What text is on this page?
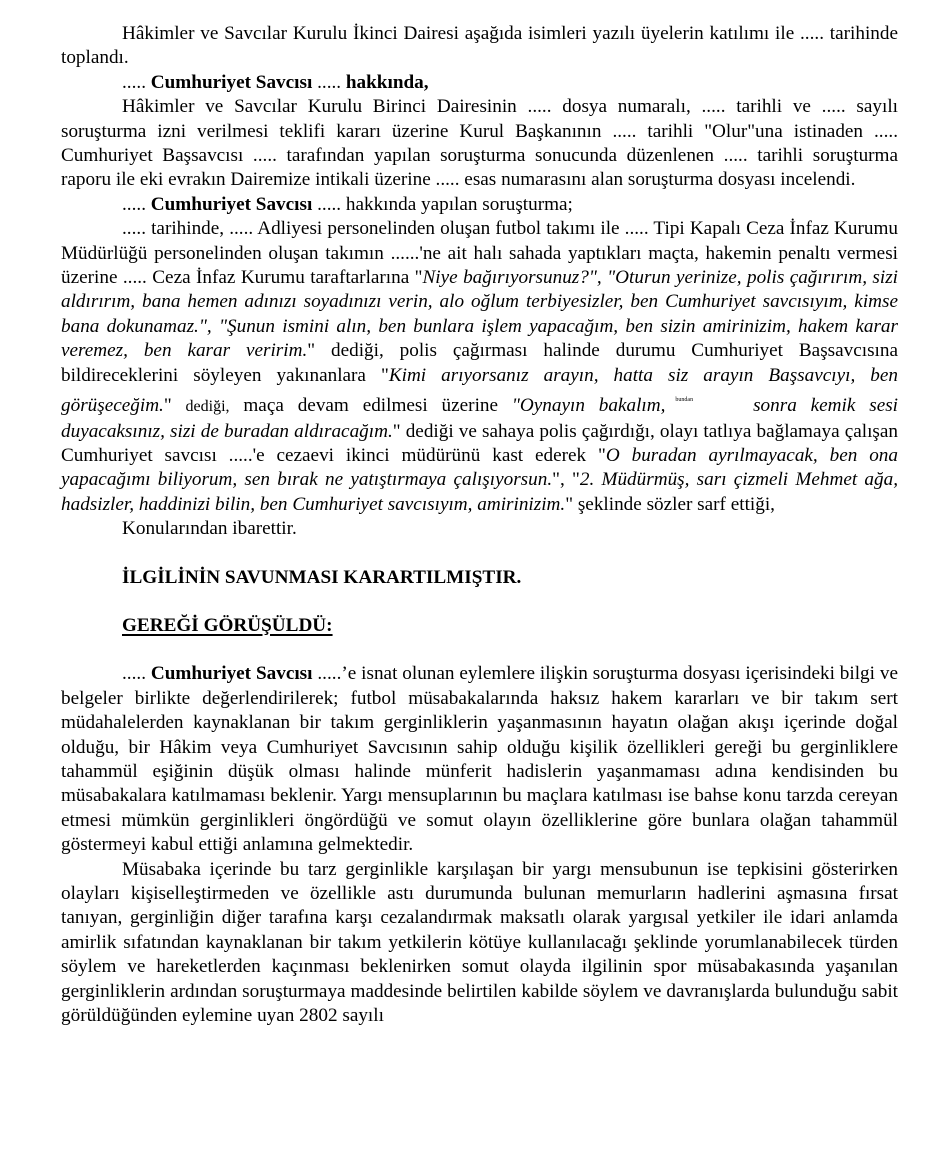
Hâkimler ve Savcılar Kurulu İkinci Dairesi aşağıda isimleri yazılı üyelerin katılımı ile ..... tarihinde toplandı.

..... Cumhuriyet Savcısı ..... hakkında,

Hâkimler ve Savcılar Kurulu Birinci Dairesinin ..... dosya numaralı, ..... tarihli ve ..... sayılı soruşturma izni verilmesi teklifi kararı üzerine Kurul Başkanının ..... tarihli "Olur"una istinaden ..... Cumhuriyet Başsavcısı ..... tarafından yapılan soruşturma sonucunda düzenlenen ..... tarihli soruşturma raporu ile eki evrakın Dairemize intikali üzerine ..... esas numarasını alan soruşturma dosyası incelendi.

..... Cumhuriyet Savcısı ..... hakkında yapılan soruşturma;

..... tarihinde, ..... Adliyesi personelinden oluşan futbol takımı ile ..... Tipi Kapalı Ceza İnfaz Kurumu Müdürlüğü personelinden oluşan takımın ......'ne ait halı sahada yaptıkları maçta, hakemin penaltı vermesi üzerine ..... Ceza İnfaz Kurumu taraftarlarına "Niye bağırıyorsunuz?", "Oturun yerinize, polis çağırırım, sizi aldırırım, bana hemen adınızı soyadınızı verin, alo oğlum terbiyesizler, ben Cumhuriyet savcısıyım, kimse bana dokunamaz.", "Şunun ismini alın, ben bunlara işlem yapacağım, ben sizin amirinizim, hakem karar veremez, ben karar veririm." dediği, polis çağırması halinde durumu Cumhuriyet Başsavcısına bildireceklerini söyleyen yakınanlara "Kimi arıyorsanız arayın, hatta siz arayın Başsavcıyı, ben görüşeceğim." dediği, maça devam edilmesi üzerine "Oynayın bakalım, $^{bundan}$	sonra kemik sesi duyacaksınız, sizi de buradan aldıracağım." dediği ve sahaya polis çağırdığı, olayı tatlıya bağlamaya çalışan Cumhuriyet savcısı .....'e cezaevi ikinci müdürünü kast ederek "O buradan ayrılmayacak, ben ona yapacağımı biliyorum, sen bırak ne yatıştırmaya çalışıyorsun.", "2. Müdürmüş, sarı çizmeli Mehmet ağa, hadsizler, haddinizi bilin, ben Cumhuriyet savcısıyım, amirinizim." şeklinde sözler sarf ettiği,

Konularından ibarettir.

İLGİLİNİN SAVUNMASI KARARTILMIŞTIR.

GEREĞİ GÖRÜŞÜLDÜ:

..... Cumhuriyet Savcısı .....’e isnat olunan eylemlere ilişkin soruşturma dosyası içerisindeki bilgi ve belgeler birlikte değerlendirilerek; futbol müsabakalarında haksız hakem kararları ve bir takım sert müdahalelerden kaynaklanan bir takım gerginliklerin yaşanmasının hayatın olağan akışı içerinde doğal olduğu, bir Hâkim veya Cumhuriyet Savcısının sahip olduğu kişilik özellikleri gereği bu gerginliklere tahammül eşiğinin düşük olması halinde münferit hadislerin yaşanmaması adına kendisinden bu müsabakalara katılmaması beklenir. Yargı mensuplarının bu maçlara katılması ise bahse konu tarzda cereyan etmesi mümkün gerginlikleri öngördüğü ve somut olayın özelliklerine göre bunlara olağan tahammül göstermeyi kabul ettiği anlamına gelmektedir.

Müsabaka içerinde bu tarz gerginlikle karşılaşan bir yargı mensubunun ise tepkisini gösterirken olayları kişiselleştirmeden ve özellikle astı durumunda bulunan memurların hadlerini aşmasına fırsat tanıyan, gerginliğin diğer tarafına karşı cezalandırmak maksatlı olarak yargısal yetkiler ile idari anlamda amirlik sıfatından kaynaklanan bir takım yetkilerin kötüye kullanılacağı şeklinde yorumlanabilecek türden söylem ve hareketlerden kaçınması beklenirken somut olayda ilgilinin spor müsabakasında yaşanılan gerginliklerin ardından soruşturmaya maddesinde belirtilen kabilde söylem ve davranışlarda bulunduğu sabit görüldüğünden eylemine uyan 2802 sayılı
